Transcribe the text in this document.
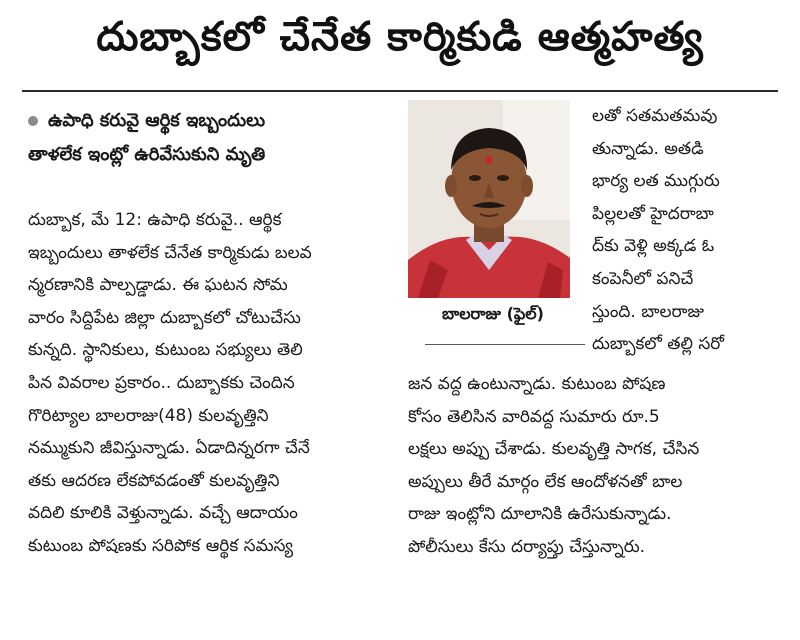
దుబ్బాకలో చేనేత కార్మికుడి ఆత్మహత్య
ఉపాధి కరువై ఆర్థిక ఇబ్బందులు
తాళలేక ఇంట్లో ఉరివేసుకుని మృతి
దుబ్బాక, మే 12: ఉపాధి కరువై.. ఆర్థిక
ఇబ్బందులు తాళలేక చేనేత కార్మికుడు బలవ
న్మరణానికి పాల్పడ్డాడు. ఈ ఘటన సోమ
వారం సిద్దిపేట జిల్లా దుబ్బాకలో చోటుచేసు
కున్నది. స్థానికులు, కుటుంబ సభ్యులు తెలి
పిన వివరాల ప్రకారం.. దుబ్బాకకు చెందిన
గొరిట్యాల బాలరాజు(48) కులవృత్తిని
నమ్ముకుని జీవిస్తున్నాడు. ఏడాదిన్నరగా చేనే
తకు ఆదరణ లేకపోవడంతో కులవృత్తిని
వదిలి కూలికి వెళ్తున్నాడు. వచ్చే ఆదాయం
కుటుంబ పోషణకు సరిపోక ఆర్థిక సమస్య
బాలరాజు (ఫైల్)
లతో సతమతమవు
తున్నాడు. అతడి
భార్య లత ముగ్గురు
పిల్లలతో హైదరాబా
ద్‌కు వెళ్లి అక్కడ ఓ
కంపెనీలో పనిచే
స్తుంది. బాలరాజు
దుబ్బాకలో తల్లి సరో
జన వద్ద ఉంటున్నాడు. కుటుంబ పోషణ
కోసం తెలిసిన వారివద్ద సుమారు రూ.5
లక్షలు అప్పు చేశాడు. కులవృత్తి సాగక, చేసిన
అప్పులు తీరే మార్గం లేక ఆందోళనతో బాల
రాజు ఇంట్లోని దూలానికి ఉరేసుకున్నాడు.
పోలీసులు కేసు దర్యాప్తు చేస్తున్నారు.
